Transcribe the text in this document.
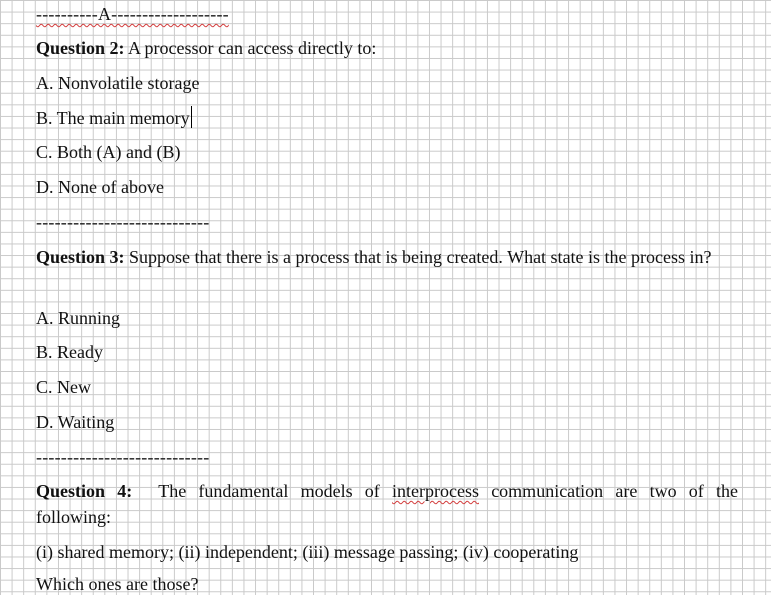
----------A-------------------
Question 2: A processor can access directly to:
A. Nonvolatile storage
B. The main memory
C. Both (A) and (B)
D. None of above
----------------------------
Question 3: Suppose that there is a process that is being created. What state is the process in?
A. Running
B. Ready
C. New
D. Waiting
----------------------------
Question 4: The fundamental models of interprocess communication are two of the following:
(i) shared memory; (ii) independent; (iii) message passing; (iv) cooperating
Which ones are those?
